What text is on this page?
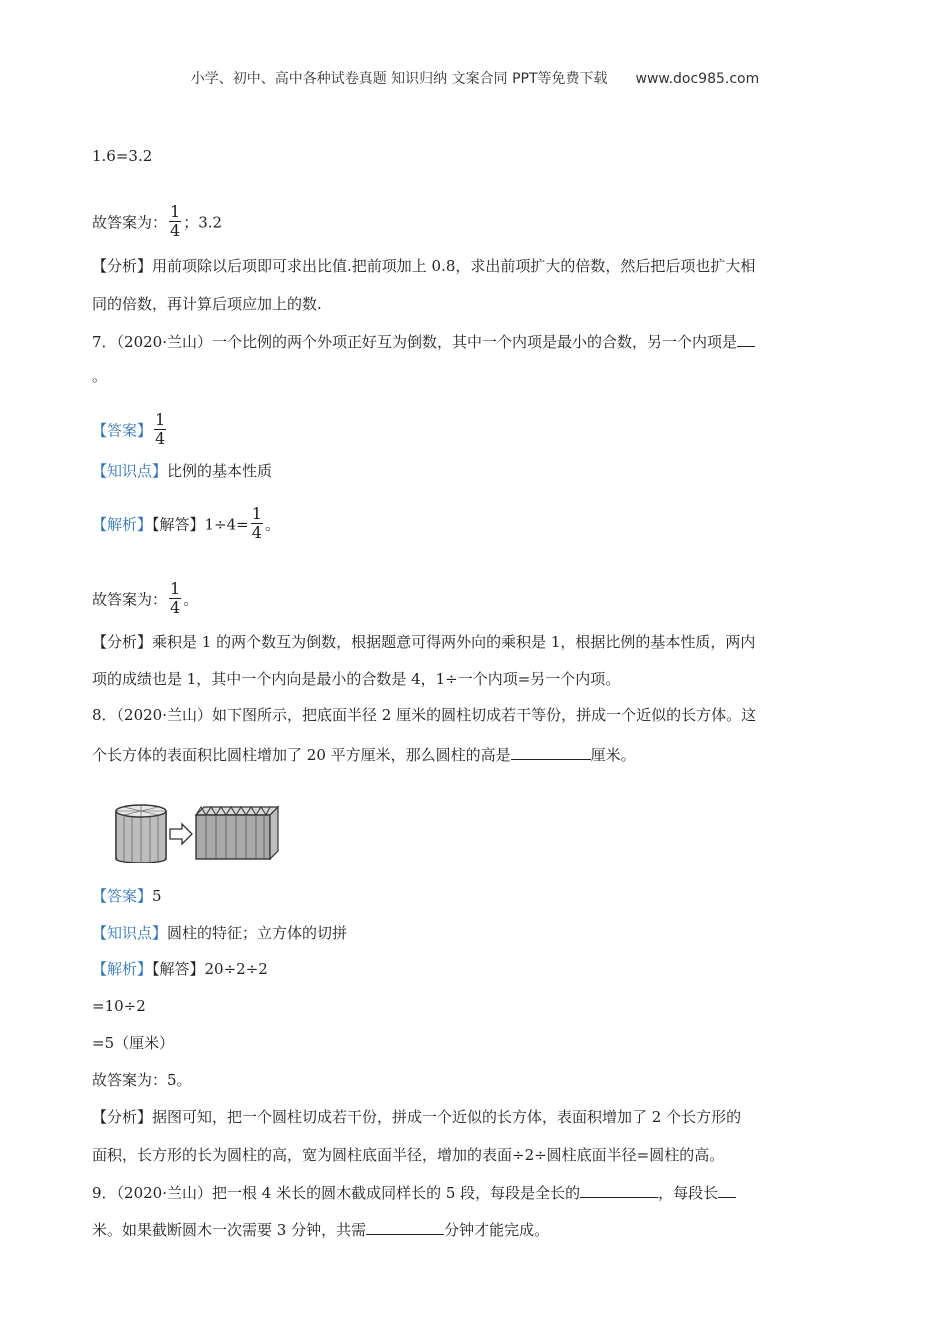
小学、初中、高中各种试卷真题 知识归纳 文案合同 PPT等免费下载 www.doc985.com
1.6=3.2
故答案为： $\frac{1}{4}$ ；3.2
【分析】用前项除以后项即可求出比值.把前项加上 0.8，求出前项扩大的倍数，然后把后项也扩大相
同的倍数，再计算后项应加上的数.
7．（2020·兰山）一个比例的两个外项正好互为倒数，其中一个内项是最小的合数，另一个内项是
。
【答案】 $\frac{1}{4}$
【知识点】比例的基本性质
【解析】【解答】$1\div 4= \frac{1}{4}$ 。
故答案为： $\frac{1}{4}$ 。
【分析】乘积是 1 的两个数互为倒数，根据题意可得两外向的乘积是 1，根据比例的基本性质，两内
项的成绩也是 1，其中一个内向是最小的合数是 4，1÷一个内项=另一个内项。
8．（2020·兰山）如下图所示，把底面半径 2 厘米的圆柱切成若干等份，拼成一个近似的长方体。这
个长方体的表面积比圆柱增加了 20 平方厘米，那么圆柱的高是	厘米。
【答案】5
【知识点】圆柱的特征；立方体的切拼
【解析】【解答】20÷2÷2
=10÷2
=5（厘米）
故答案为：5。
【分析】据图可知，把一个圆柱切成若干份，拼成一个近似的长方体，表面积增加了 2 个长方形的
面积，长方形的长为圆柱的高，宽为圆柱底面半径，增加的表面÷2÷圆柱底面半径=圆柱的高。
9．（2020·兰山）把一根 4 米长的圆木截成同样长的 5 段，每段是全长的	，每段长
米。如果截断圆木一次需要 3 分钟，共需	分钟才能完成。
